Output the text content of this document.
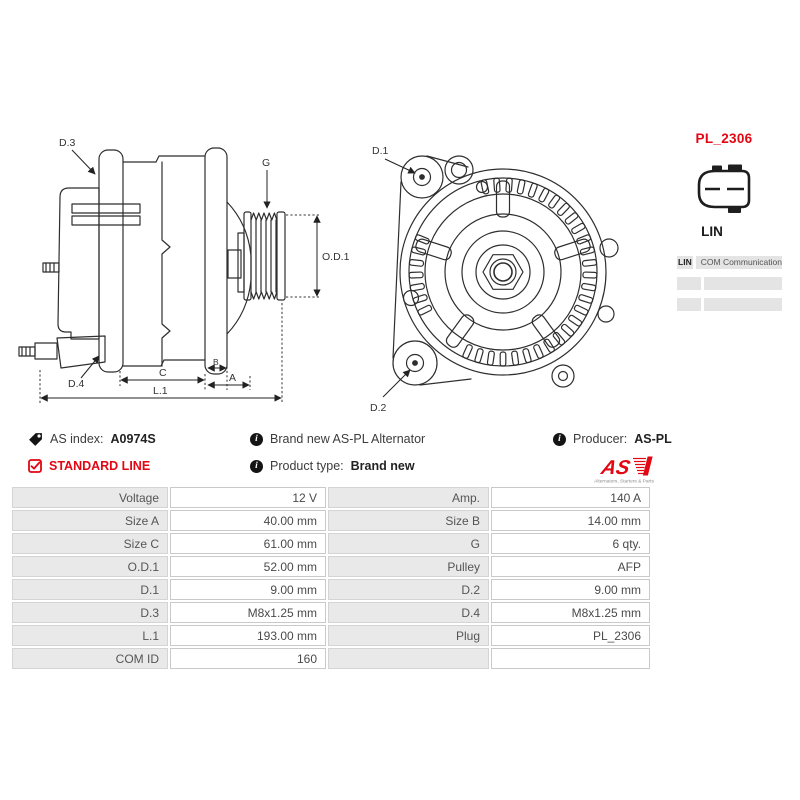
D.3
G
O.D.1
D.4
C
B
A
L.1
D.1
D.2
PL_2306
LIN
LIN	COM Communication
AS index: A0974S
STANDARD LINE
i Brand new AS-PL Alternator
i Product type: Brand new
i Producer: AS-PL
AS
Alternators, Starters & Parts
Voltage	12 V	Amp.	140 A
Size A	40.00 mm	Size B	14.00 mm
Size C	61.00 mm	G	6 qty.
O.D.1	52.00 mm	Pulley	AFP
D.1	9.00 mm	D.2	9.00 mm
D.3	M8x1.25 mm	D.4	M8x1.25 mm
L.1	193.00 mm	Plug	PL_2306
COM ID	160		
